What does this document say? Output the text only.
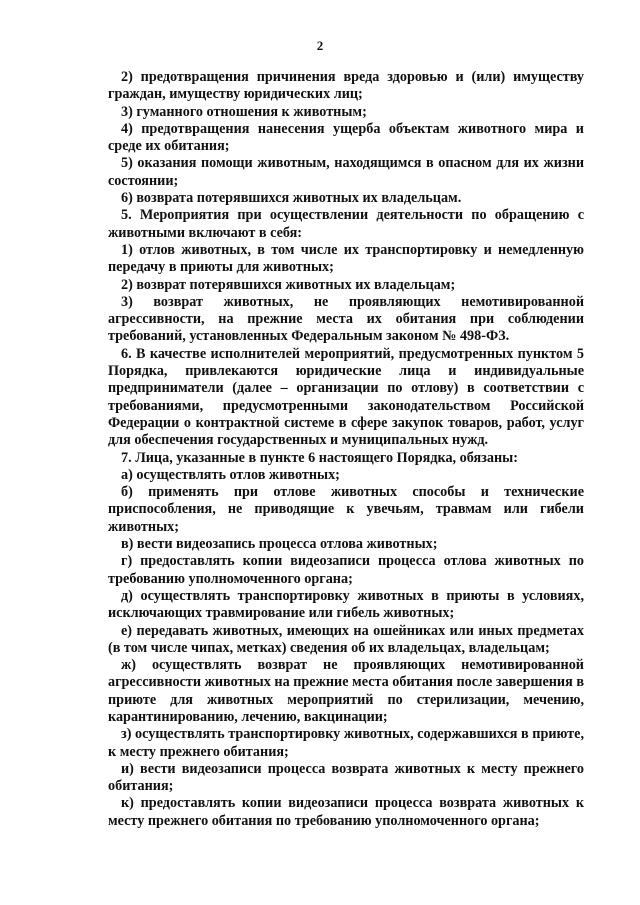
2

2) предотвращения причинения вреда здоровью и (или) имуществу граждан, имуществу юридических лиц;

3) гуманного отношения к животным;

4) предотвращения нанесения ущерба объектам животного мира и среде их обитания;

5) оказания помощи животным, находящимся в опасном для их жизни состоянии;

6) возврата потерявшихся животных их владельцам.

5. Мероприятия при осуществлении деятельности по обращению с животными включают в себя:

1) отлов животных, в том числе их транспортировку и немедленную передачу в приюты для животных;

2) возврат потерявшихся животных их владельцам;

3) возврат животных, не проявляющих немотивированной агрессивности, на прежние места их обитания при соблюдении требований, установленных Федеральным законом № 498-ФЗ.

6. В качестве исполнителей мероприятий, предусмотренных пунктом 5 Порядка, привлекаются юридические лица и индивидуальные предприниматели (далее – организации по отлову) в соответствии с требованиями, предусмотренными законодательством Российской Федерации о контрактной системе в сфере закупок товаров, работ, услуг для обеспечения государственных и муниципальных нужд.

7. Лица, указанные в пункте 6 настоящего Порядка, обязаны:

а) осуществлять отлов животных;

б) применять при отлове животных способы и технические приспособления, не приводящие к увечьям, травмам или гибели животных;

в) вести видеозапись процесса отлова животных;

г) предоставлять копии видеозаписи процесса отлова животных по требованию уполномоченного органа;

д) осуществлять транспортировку животных в приюты в условиях, исключающих травмирование или гибель животных;

е) передавать животных, имеющих на ошейниках или иных предметах (в том числе чипах, метках) сведения об их владельцах, владельцам;

ж) осуществлять возврат не проявляющих немотивированной агрессивности животных на прежние места обитания после завершения в приюте для животных мероприятий по стерилизации, мечению, карантинированию, лечению, вакцинации;

з) осуществлять транспортировку животных, содержавшихся в приюте, к месту прежнего обитания;

и) вести видеозаписи процесса возврата животных к месту прежнего обитания;

к) предоставлять копии видеозаписи процесса возврата животных к месту прежнего обитания по требованию уполномоченного органа;
